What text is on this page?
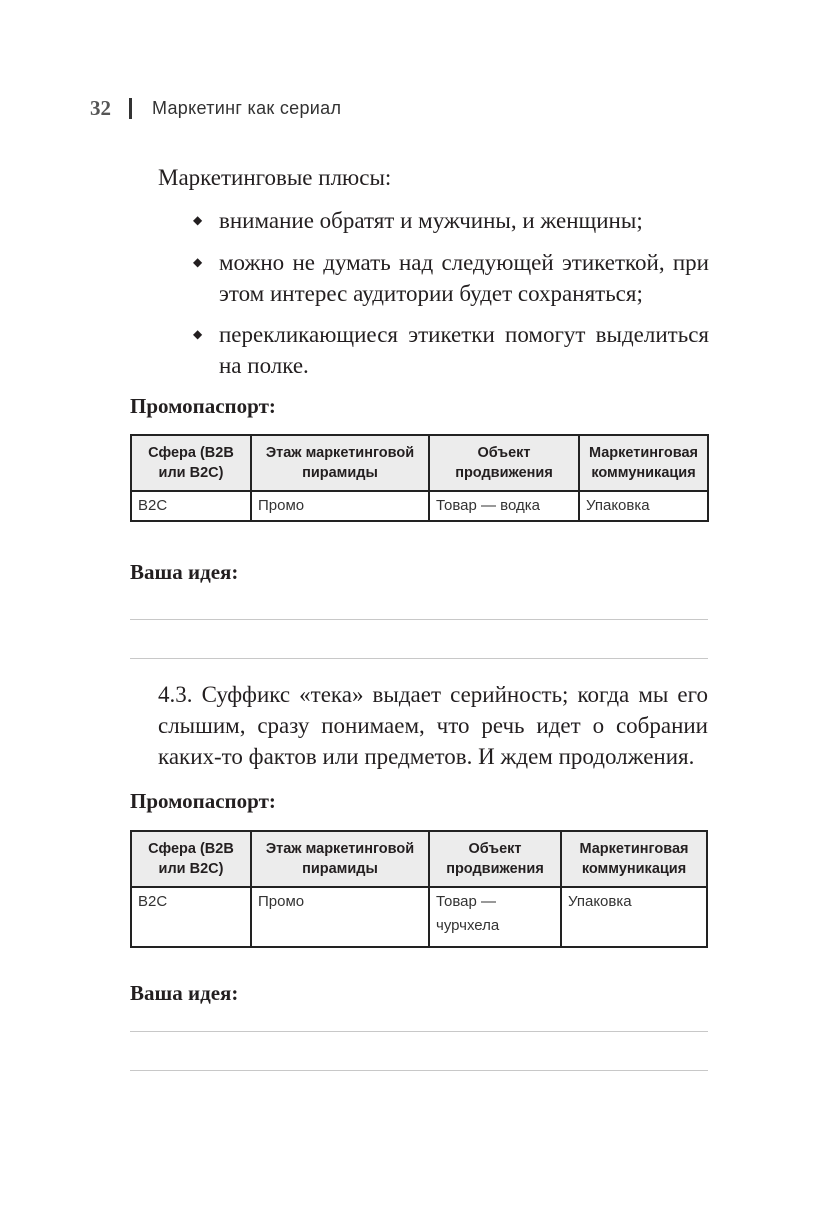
32 Маркетинг как сериал
Маркетинговые плюсы:
◆ внимание обратят и мужчины, и женщины;
◆ можно не думать над следующей этикеткой, при этом интерес аудитории будет сохраняться;
◆ перекликающиеся этикетки помогут выделиться на полке.
Промопаспорт:
Сфера (B2B или B2C)	Этаж маркетинговой пирамиды	Объект продвижения	Маркетинговая коммуникация
B2C	Промо	Товар — водка	Упаковка
Ваша идея:
4.3. Суффикс «тека» выдает серийность; когда мы его слышим, сразу понимаем, что речь идет о собрании каких-то фактов или предметов. И ждем продолжения.
Промопаспорт:
Сфера (B2B или B2C)	Этаж маркетинговой пирамиды	Объект продвижения	Маркетинговая коммуникация
B2C	Промо	Товар — чурчхела	Упаковка
Ваша идея:
